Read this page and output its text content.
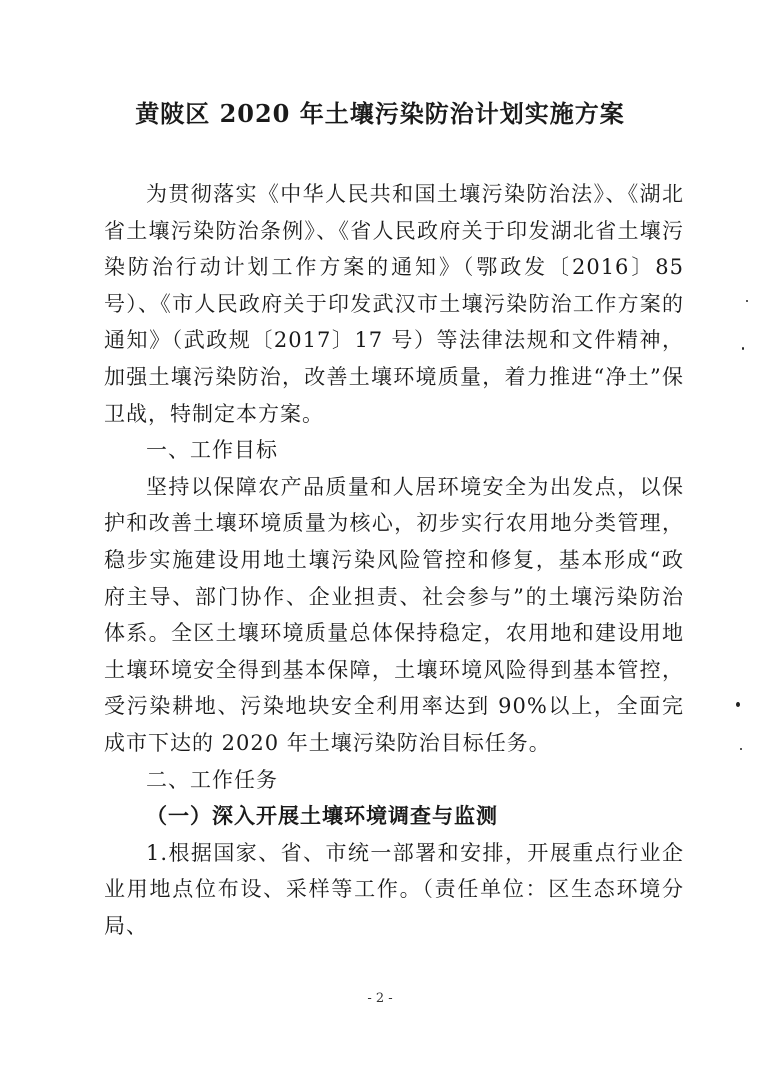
黄陂区 2020 年土壤污染防治计划实施方案

为贯彻落实《中华人民共和国土壤污染防治法》、《湖北省土壤污染防治条例》、《省人民政府关于印发湖北省土壤污染防治行动计划工作方案的通知》（鄂政发〔2016〕85 号）、《市人民政府关于印发武汉市土壤污染防治工作方案的通知》（武政规〔2017〕17 号）等法律法规和文件精神，加强土壤污染防治，改善土壤环境质量，着力推进“净土”保卫战，特制定本方案。

一、工作目标

坚持以保障农产品质量和人居环境安全为出发点，以保护和改善土壤环境质量为核心，初步实行农用地分类管理，稳步实施建设用地土壤污染风险管控和修复，基本形成“政府主导、部门协作、企业担责、社会参与”的土壤污染防治体系。全区土壤环境质量总体保持稳定，农用地和建设用地土壤环境安全得到基本保障，土壤环境风险得到基本管控，受污染耕地、污染地块安全利用率达到 90%以上，全面完成市下达的 2020 年土壤污染防治目标任务。

二、工作任务

（一）深入开展土壤环境调查与监测

1.根据国家、省、市统一部署和安排，开展重点行业企业用地点位布设、采样等工作。（责任单位：区生态环境分局、

- 2 -
